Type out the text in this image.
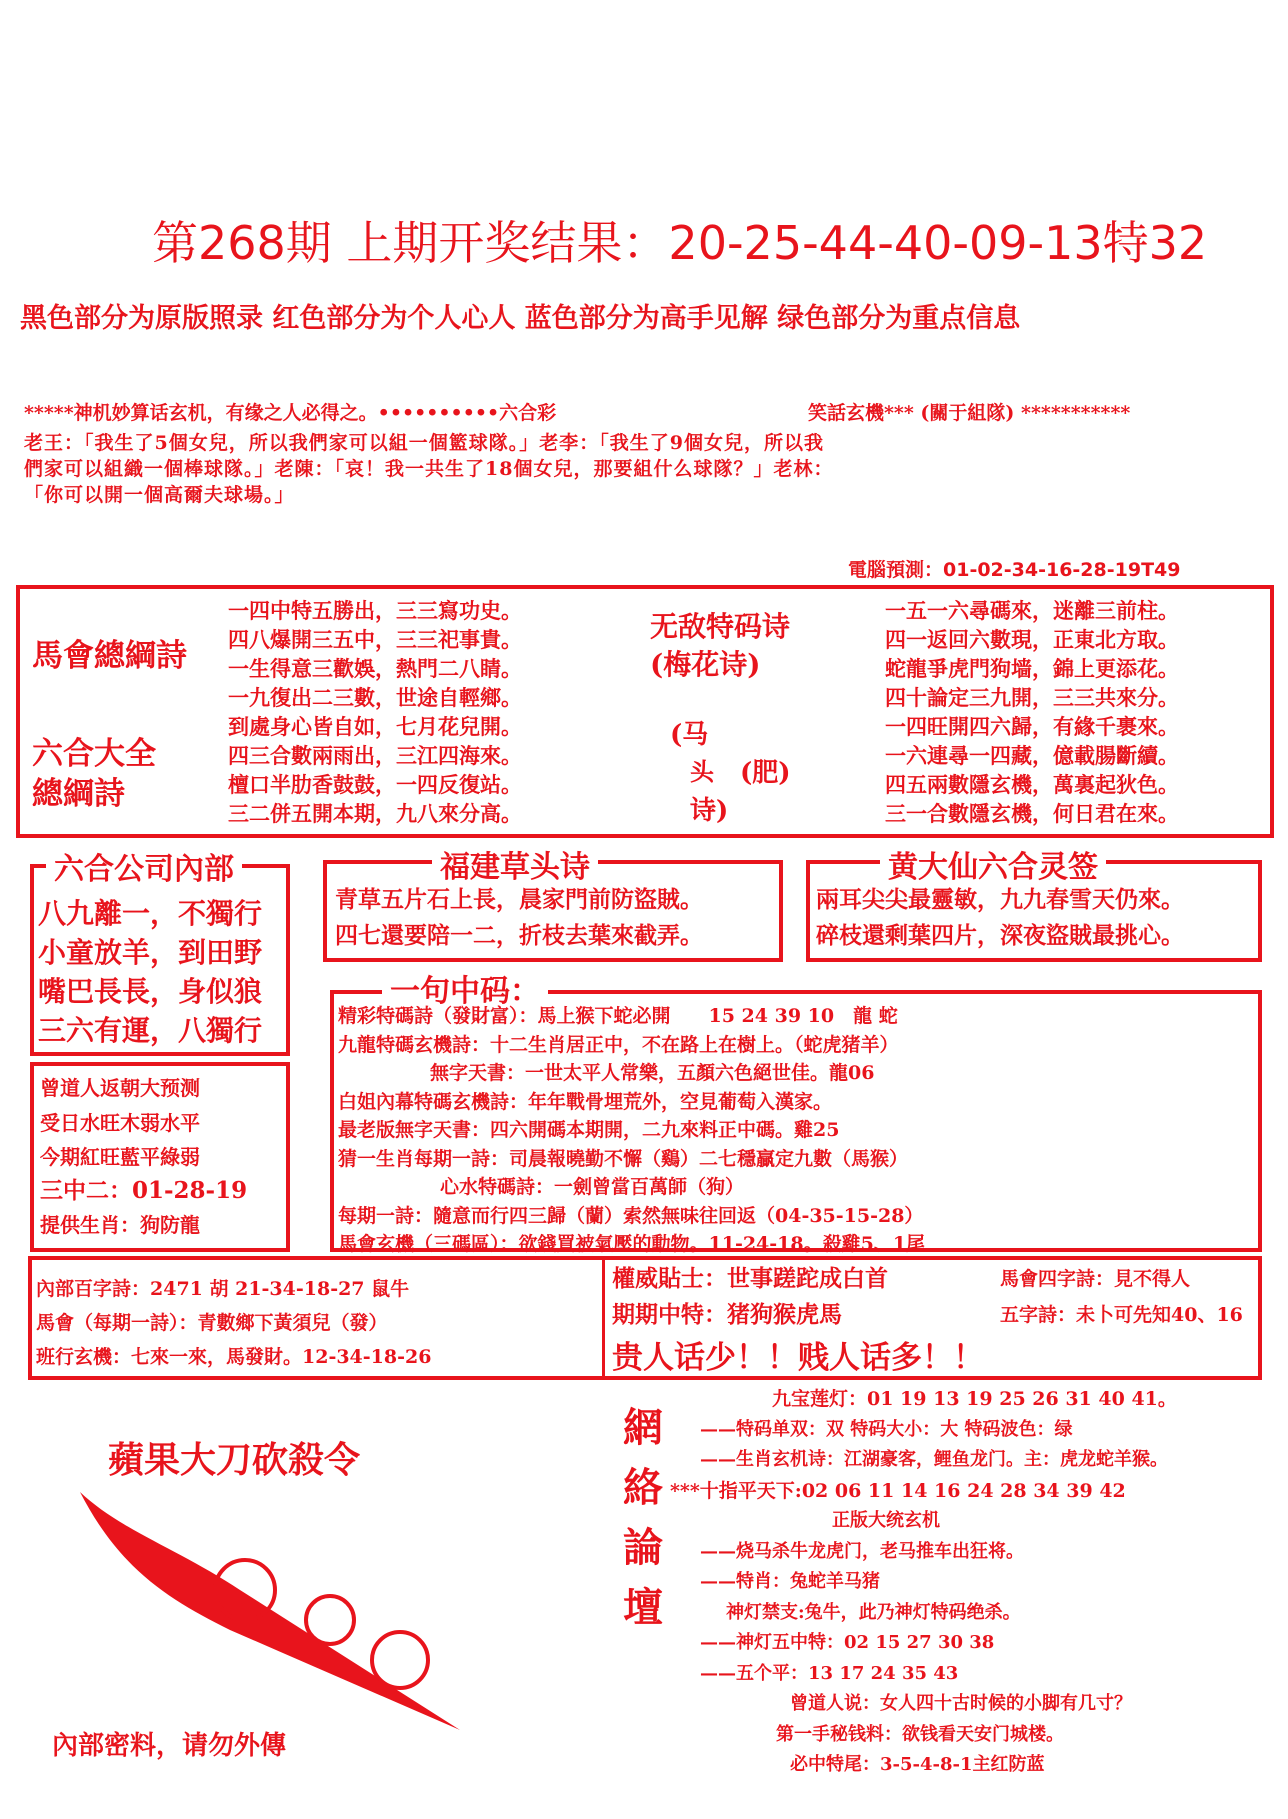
第268期 上期开奖结果：20-25-44-40-09-13特32
黑色部分为原版照录 红色部分为个人心人 蓝色部分为高手见解 绿色部分为重点信息
*****神机妙算话玄机，有缘之人必得之。••••••••••六合彩	笑話玄機*** (關于組隊) ***********
老王：「我生了5個女兒，所以我們家可以組一個籃球隊。」老李：「我生了9個女兒，所以我
們家可以組織一個棒球隊。」老陳：「哀！我一共生了18個女兒，那要組什么球隊？」老林：
「你可以開一個高爾夫球場。」
電腦預測：01-02-34-16-28-19T49
馬會總綱詩
六合大全
總綱詩
一四中特五勝出，三三寫功史。
四八爆開三五中，三三祀事貴。
一生得意三歡娛，熱門二八睛。
一九復出二三數，世途自輕鄉。
到處身心皆自如，七月花兒開。
四三合數兩雨出，三江四海來。
檀口半肋香鼓鼓，一四反復站。
三二併五開本期，九八來分高。
无敌特码诗
(梅花诗)
(马
头 (肥)
诗)
一五一六尋碼來，迷離三前柱。
四一返回六數現，正東北方取。
蛇龍爭虎門狗墙，錦上更添花。
四十論定三九開，三三共來分。
一四旺開四六歸，有緣千裹來。
一六連尋一四藏，億載腸斷續。
四五兩數隱玄機，萬裏起狄色。
三一合數隱玄機，何日君在來。
六合公司內部
八九離一，不獨行
小童放羊，到田野
嘴巴長長，身似狼
三六有運，八獨行
福建草头诗
青草五片石上長，晨家門前防盜賊。
四七還要陪一二，折枝去葉來截弄。
黄大仙六合灵签
兩耳尖尖最靈敏，九九春雪天仍來。
碎枝還剩葉四片，深夜盜賊最挑心。
曾道人返朝大预测
受日水旺木弱水平
今期紅旺藍平綠弱
三中二：01-28-19
提供生肖：狗防龍
一句中码：
精彩特碼詩（發財富）：馬上猴下蛇必開　　15 24 39 10　龍 蛇
九龍特碼玄機詩：十二生肖居正中，不在路上在樹上。（蛇虎猪羊）
無字天書：一世太平人常樂，五顏六色絕世佳。龍06
白姐內幕特碼玄機詩：年年戰骨埋荒外，空見葡萄入漢家。
最老版無字天書：四六開碼本期開，二九來料正中碼。雞25
猜一生肖每期一詩：司晨報曉勤不懈（鷄）二七穩贏定九數（馬猴）
心水特碼詩：一劍曾當百萬師（狗）
每期一詩：隨意而行四三歸（蘭）索然無味往回返（04-35-15-28）
馬會玄機（三碼區）：欲錢買被氣壓的動物。11-24-18。殺雞5、1尾
內部百字詩：2471 胡 21-34-18-27 鼠牛
馬會（每期一詩）：青數鄉下黃須兒（發）
班行玄機：七來一來，馬發財。12-34-18-26
權威貼士：世事蹉跎成白首	馬會四字詩：見不得人
期期中特：猪狗猴虎馬	五字詩：未卜可先知40、16
贵人话少！！贱人话多！！
蘋果大刀砍殺令
內部密料，请勿外傳
網
絡
論
壇
九宝莲灯：01 19 13 19 25 26 31 40 41。
——特码单双：双 特码大小：大 特码波色：绿
——生肖玄机诗：江湖豪客，鲤鱼龙门。主：虎龙蛇羊猴。
***十指平天下:02 06 11 14 16 24 28 34 39 42
正版大统玄机
——烧马杀牛龙虎门，老马推车出狂将。
——特肖：兔蛇羊马猪
神灯禁支:兔牛，此乃神灯特码绝杀。
——神灯五中特：02 15 27 30 38
——五个平：13 17 24 35 43
曾道人说：女人四十古时候的小脚有几寸？
第一手秘钱料：欲钱看天安门城楼。
必中特尾：3-5-4-8-1主红防蓝
